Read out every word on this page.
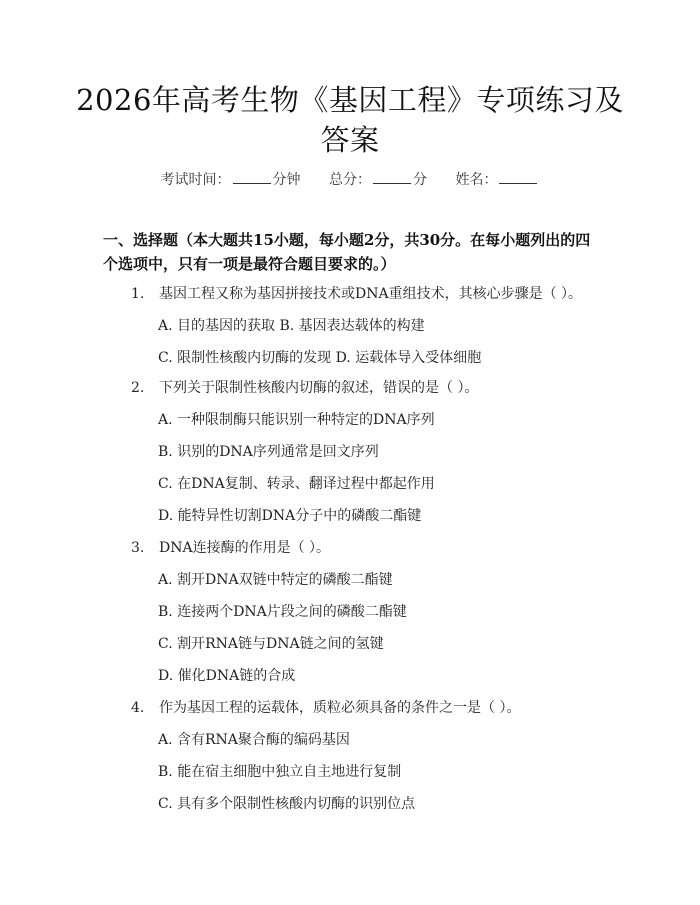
2026年高考生物《基因工程》专项练习及答案
考试时间：	分钟 总分：	分 姓名：
一、选择题（本大题共15小题，每小题2分，共30分。在每小题列出的四个选项中，只有一项是最符合题目要求的。）
1. 基因工程又称为基因拼接技术或DNA重组技术，其核心步骤是（ ）。
A. 目的基因的获取 B. 基因表达载体的构建
C. 限制性核酸内切酶的发现 D. 运载体导入受体细胞
2. 下列关于限制性核酸内切酶的叙述，错误的是（ ）。
A. 一种限制酶只能识别一种特定的DNA序列
B. 识别的DNA序列通常是回文序列
C. 在DNA复制、转录、翻译过程中都起作用
D. 能特异性切割DNA分子中的磷酸二酯键
3. DNA连接酶的作用是（ ）。
A. 割开DNA双链中特定的磷酸二酯键
B. 连接两个DNA片段之间的磷酸二酯键
C. 割开RNA链与DNA链之间的氢键
D. 催化DNA链的合成
4. 作为基因工程的运载体，质粒必须具备的条件之一是（ ）。
A. 含有RNA聚合酶的编码基因
B. 能在宿主细胞中独立自主地进行复制
C. 具有多个限制性核酸内切酶的识别位点
